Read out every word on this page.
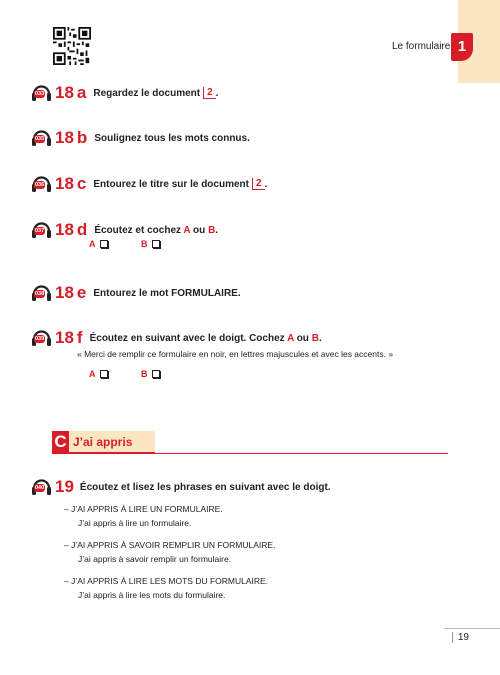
Le formulaire 1
033 18 a Regardez le document 2 .
035 18 b Soulignez tous les mots connus.
036 18 c Entourez le titre sur le document 2 .
037 18 d Écoutez et cochez A ou B.
A	B
038 18 e Entourez le mot FORMULAIRE.
039 18 f Écoutez en suivant avec le doigt. Cochez A ou B.
« Merci de remplir ce formulaire en noir, en lettres majuscules et avec les accents. »
A	B
C J’ai appris
040 19 Écoutez et lisez les phrases en suivant avec le doigt.
– J’AI APPRIS À LIRE UN FORMULAIRE.
J’ai appris à lire un formulaire.
– J’AI APPRIS À SAVOIR REMPLIR UN FORMULAIRE.
J’ai appris à savoir remplir un formulaire.
– J’AI APPRIS À LIRE LES MOTS DU FORMULAIRE.
J’ai appris à lire les mots du formulaire.
19
